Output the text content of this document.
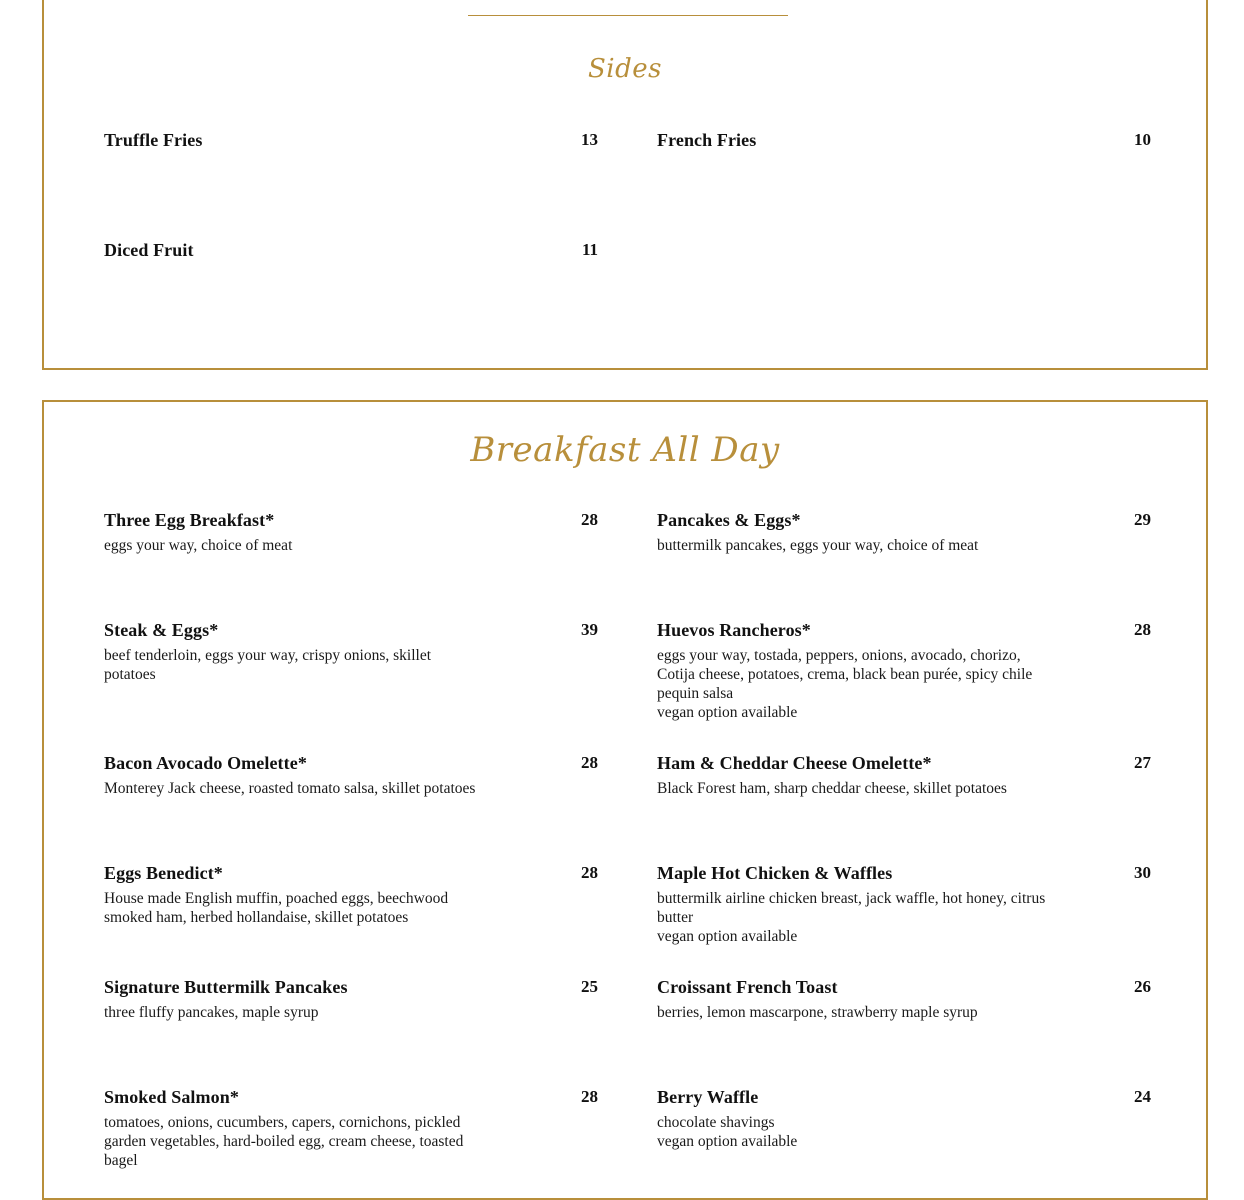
Sides
Truffle Fries	13	French Fries	10
Diced Fruit	11
Breakfast All Day
Three Egg Breakfast*	28
eggs your way, choice of meat
Pancakes & Eggs*	29
buttermilk pancakes, eggs your way, choice of meat
Steak & Eggs*	39
beef tenderloin, eggs your way, crispy onions, skillet potatoes
Huevos Rancheros*	28
eggs your way, tostada, peppers, onions, avocado, chorizo, Cotija cheese, potatoes, crema, black bean purée, spicy chile pequin salsa
vegan option available
Bacon Avocado Omelette*	28
Monterey Jack cheese, roasted tomato salsa, skillet potatoes
Ham & Cheddar Cheese Omelette*	27
Black Forest ham, sharp cheddar cheese, skillet potatoes
Eggs Benedict*	28
House made English muffin, poached eggs, beechwood smoked ham, herbed hollandaise, skillet potatoes
Maple Hot Chicken & Waffles	30
buttermilk airline chicken breast, jack waffle, hot honey, citrus butter
vegan option available
Signature Buttermilk Pancakes	25
three fluffy pancakes, maple syrup
Croissant French Toast	26
berries, lemon mascarpone, strawberry maple syrup
Smoked Salmon*	28
tomatoes, onions, cucumbers, capers, cornichons, pickled garden vegetables, hard-boiled egg, cream cheese, toasted bagel
Berry Waffle	24
chocolate shavings
vegan option available
